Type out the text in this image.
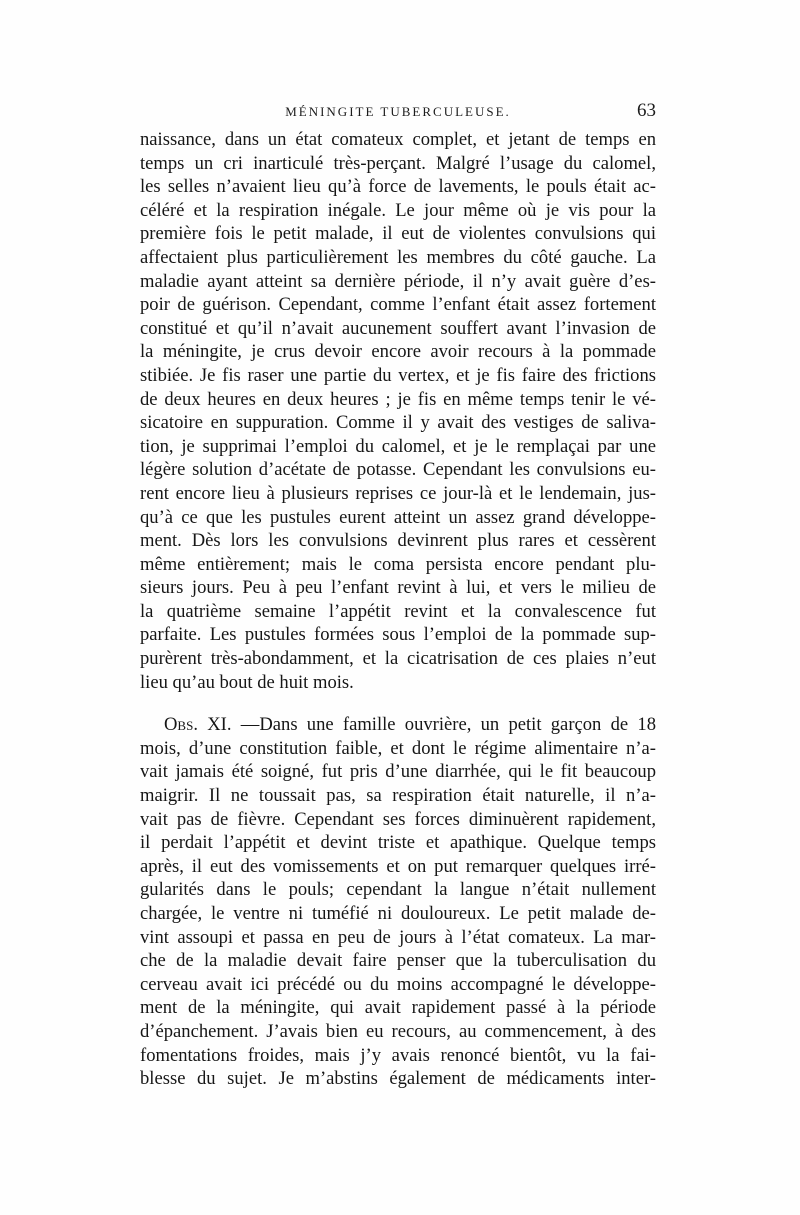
MÉNINGITE TUBERCULEUSE.	63
naissance, dans un état comateux complet, et jetant de temps en
temps un cri inarticulé très-perçant. Malgré l’usage du calomel,
les selles n’avaient lieu qu’à force de lavements, le pouls était ac-
céléré et la respiration inégale. Le jour même où je vis pour la
première fois le petit malade, il eut de violentes convulsions qui
affectaient plus particulièrement les membres du côté gauche. La
maladie ayant atteint sa dernière période, il n’y avait guère d’es-
poir de guérison. Cependant, comme l’enfant était assez fortement
constitué et qu’il n’avait aucunement souffert avant l’invasion de
la méningite, je crus devoir encore avoir recours à la pommade
stibiée. Je fis raser une partie du vertex, et je fis faire des frictions
de deux heures en deux heures ; je fis en même temps tenir le vé-
sicatoire en suppuration. Comme il y avait des vestiges de saliva-
tion, je supprimai l’emploi du calomel, et je le remplaçai par une
légère solution d’acétate de potasse. Cependant les convulsions eu-
rent encore lieu à plusieurs reprises ce jour-là et le lendemain, jus-
qu’à ce que les pustules eurent atteint un assez grand développe-
ment. Dès lors les convulsions devinrent plus rares et cessèrent
même entièrement; mais le coma persista encore pendant plu-
sieurs jours. Peu à peu l’enfant revint à lui, et vers le milieu de
la quatrième semaine l’appétit revint et la convalescence fut
parfaite. Les pustules formées sous l’emploi de la pommade sup-
purèrent très-abondamment, et la cicatrisation de ces plaies n’eut
lieu qu’au bout de huit mois.
Obs. XI. —Dans une famille ouvrière, un petit garçon de 18
mois, d’une constitution faible, et dont le régime alimentaire n’a-
vait jamais été soigné, fut pris d’une diarrhée, qui le fit beaucoup
maigrir. Il ne toussait pas, sa respiration était naturelle, il n’a-
vait pas de fièvre. Cependant ses forces diminuèrent rapidement,
il perdait l’appétit et devint triste et apathique. Quelque temps
après, il eut des vomissements et on put remarquer quelques irré-
gularités dans le pouls; cependant la langue n’était nullement
chargée, le ventre ni tuméfié ni douloureux. Le petit malade de-
vint assoupi et passa en peu de jours à l’état comateux. La mar-
che de la maladie devait faire penser que la tuberculisation du
cerveau avait ici précédé ou du moins accompagné le développe-
ment de la méningite, qui avait rapidement passé à la période
d’épanchement. J’avais bien eu recours, au commencement, à des
fomentations froides, mais j’y avais renoncé bientôt, vu la fai-
blesse du sujet. Je m’abstins également de médicaments inter-
